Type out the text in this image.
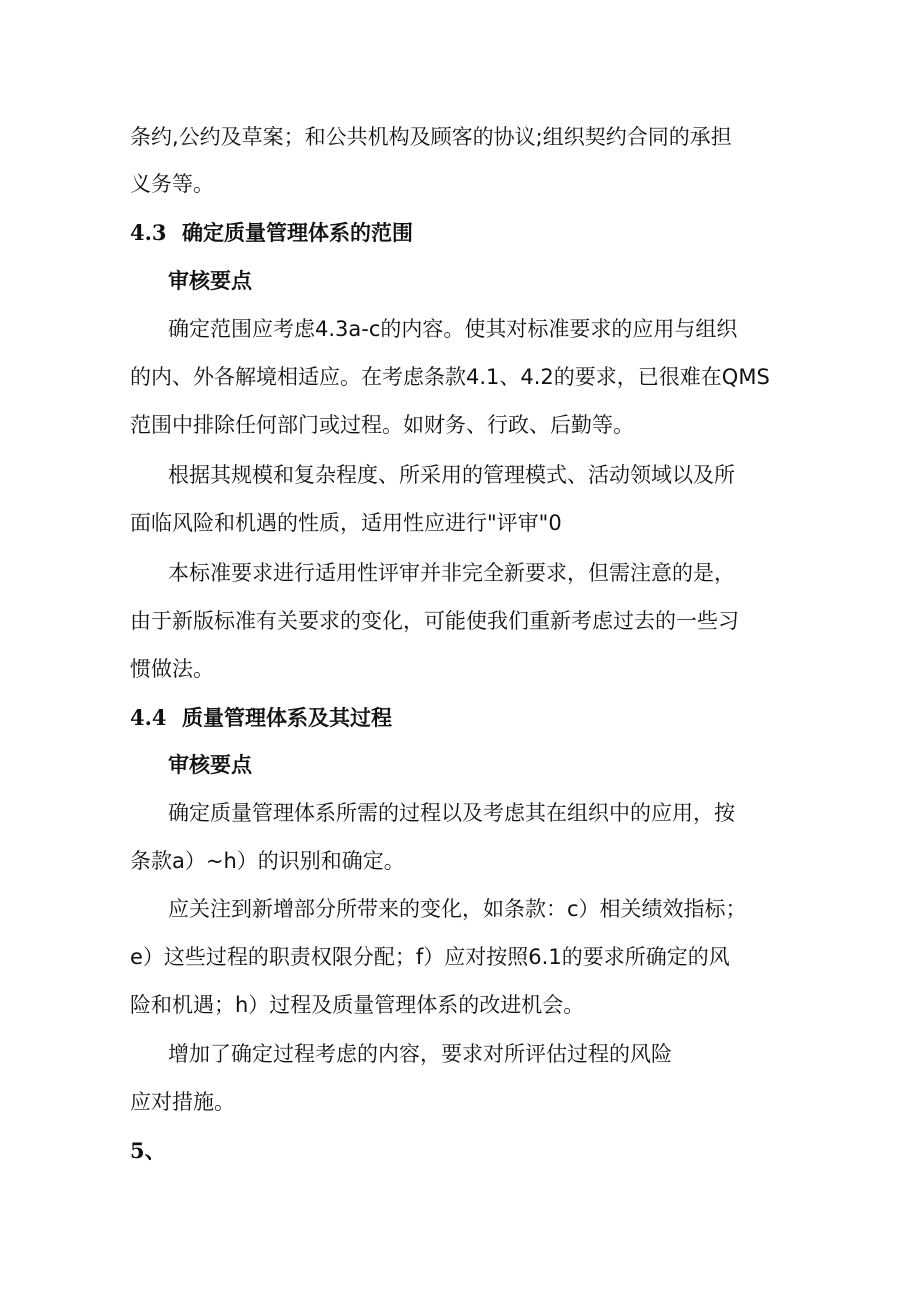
条约,公约及草案；和公共机构及顾客的协议;组织契约合同的承担
义务等。
4.3 确定质量管理体系的范围
审核要点
确定范围应考虑4.3a-c的内容。使其对标准要求的应用与组织
的内、外各解境相适应。在考虑条款4.1、4.2的要求，已很难在QMS
范围中排除任何部门或过程。如财务、行政、后勤等。
根据其规模和复杂程度、所采用的管理模式、活动领域以及所
面临风险和机遇的性质，适用性应进行"评审"0
本标准要求进行适用性评审并非完全新要求，但需注意的是，
由于新版标准有关要求的变化，可能使我们重新考虑过去的一些习
惯做法。
4.4 质量管理体系及其过程
审核要点
确定质量管理体系所需的过程以及考虑其在组织中的应用，按
条款a）~h）的识别和确定。
应关注到新增部分所带来的变化，如条款：c）相关绩效指标；
e）这些过程的职责权限分配；f）应对按照6.1的要求所确定的风
险和机遇；h）过程及质量管理体系的改进机会。
增加了确定过程考虑的内容，要求对所评估过程的风险
应对措施。
5、
